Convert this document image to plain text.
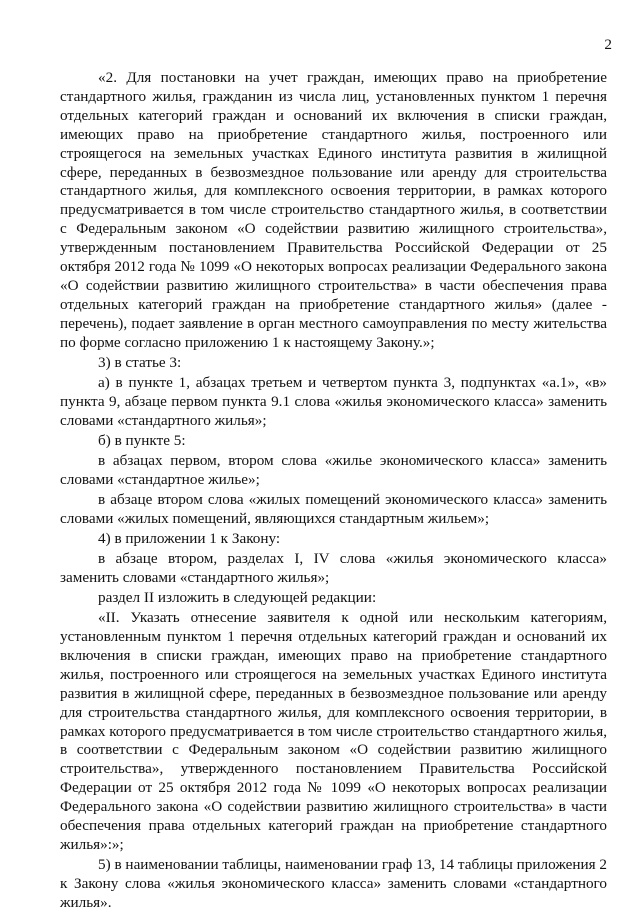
2

«2. Для постановки на учет граждан, имеющих право на приобретение стандартного жилья, гражданин из числа лиц, установленных пунктом 1 перечня отдельных категорий граждан и оснований их включения в списки граждан, имеющих право на приобретение стандартного жилья, построенного или строящегося на земельных участках Единого института развития в жилищной сфере, переданных в безвозмездное пользование или аренду для строительства стандартного жилья, для комплексного освоения территории, в рамках которого предусматривается в том числе строительство стандартного жилья, в соответствии с Федеральным законом «О содействии развитию жилищного строительства», утвержденным постановлением Правительства Российской Федерации от 25 октября 2012 года № 1099 «О некоторых вопросах реализации Федерального закона «О содействии развитию жилищного строительства» в части обеспечения права отдельных категорий граждан на приобретение стандартного жилья» (далее - перечень), подает заявление в орган местного самоуправления по месту жительства по форме согласно приложению 1 к настоящему Закону.»;

3) в статье 3:

а) в пункте 1, абзацах третьем и четвертом пункта 3, подпунктах «а.1», «в» пункта 9, абзаце первом пункта 9.1 слова «жилья экономического класса» заменить словами «стандартного жилья»;

б) в пункте 5:

в абзацах первом, втором слова «жилье экономического класса» заменить словами «стандартное жилье»;

в абзаце втором слова «жилых помещений экономического класса» заменить словами «жилых помещений, являющихся стандартным жильем»;

4) в приложении 1 к Закону:

в абзаце втором, разделах I, IV слова «жилья экономического класса» заменить словами «стандартного жилья»;

раздел II изложить в следующей редакции:

«II. Указать отнесение заявителя к одной или нескольким категориям, установленным пунктом 1 перечня отдельных категорий граждан и оснований их включения в списки граждан, имеющих право на приобретение стандартного жилья, построенного или строящегося на земельных участках Единого института развития в жилищной сфере, переданных в безвозмездное пользование или аренду для строительства стандартного жилья, для комплексного освоения территории, в рамках которого предусматривается в том числе строительство стандартного жилья, в соответствии с Федеральным законом «О содействии развитию жилищного строительства», утвержденного постановлением Правительства Российской Федерации от 25 октября 2012 года № 1099 «О некоторых вопросах реализации Федерального закона «О содействии развитию жилищного строительства» в части обеспечения права отдельных категорий граждан на приобретение стандартного жилья»:»;

5) в наименовании таблицы, наименовании граф 13, 14 таблицы приложения 2 к Закону слова «жилья экономического класса» заменить словами «стандартного жилья».
